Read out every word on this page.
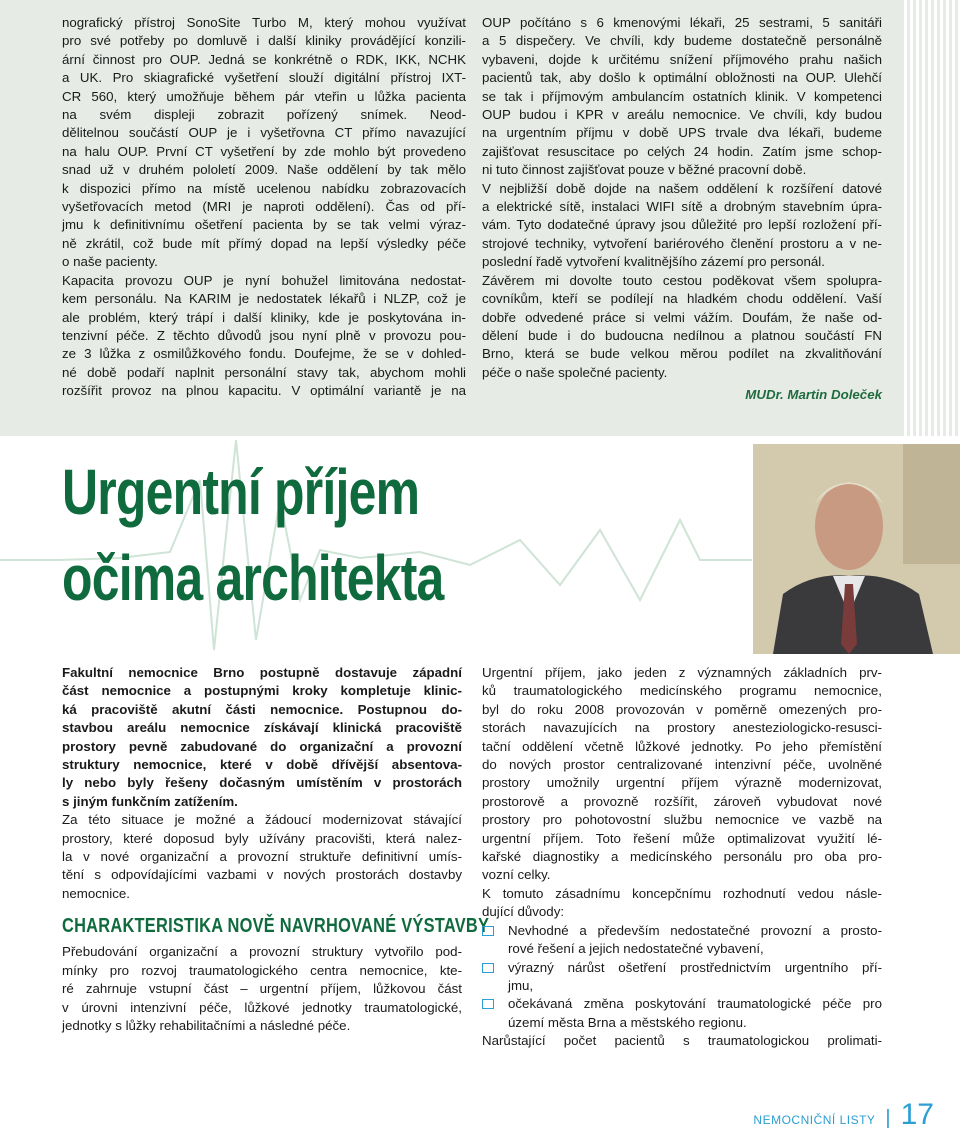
nografický přístroj SonoSite Turbo M, který mohou využívat

pro své potřeby po domluvě i další kliniky provádějící konzili-

ární činnost pro OUP. Jedná se konkrétně o RDK, IKK, NCHK

a UK. Pro skiagrafické vyšetření slouží digitální přístroj IXT-

CR 560, který umožňuje během pár vteřin u lůžka pacienta

na svém displeji zobrazit pořízený snímek. Neod-

dělitelnou součástí OUP je i vyšetřovna CT přímo navazující

na halu OUP. První CT vyšetření by zde mohlo být provedeno

snad už v druhém pololetí 2009. Naše oddělení by tak mělo

k dispozici přímo na místě ucelenou nabídku zobrazovacích

vyšetřovacích metod (MRI je naproti oddělení). Čas od pří-

jmu k definitivnímu ošetření pacienta by se tak velmi výraz-

ně zkrátil, což bude mít přímý dopad na lepší výsledky péče

o naše pacienty.

Kapacita provozu OUP je nyní bohužel limitována nedostat-

kem personálu. Na KARIM je nedostatek lékařů i NLZP, což je

ale problém, který trápí i další kliniky, kde je poskytována in-

tenzivní péče. Z těchto důvodů jsou nyní plně v provozu pou-

ze 3 lůžka z osmilůžkového fondu. Doufejme, že se v dohled-

né době podaří naplnit personální stavy tak, abychom mohli

rozšířit provoz na plnou kapacitu. V optimální variantě je na

OUP počítáno s 6 kmenovými lékaři, 25 sestrami, 5 sanitáři

a 5 dispečery. Ve chvíli, kdy budeme dostatečně personálně

vybaveni, dojde k určitému snížení příjmového prahu našich

pacientů tak, aby došlo k optimální obložnosti na OUP. Ulehčí

se tak i příjmovým ambulancím ostatních klinik. V kompetenci

OUP budou i KPR v areálu nemocnice. Ve chvíli, kdy budou

na urgentním příjmu v době UPS trvale dva lékaři, budeme

zajišťovat resuscitace po celých 24 hodin. Zatím jsme schop-

ni tuto činnost zajišťovat pouze v běžné pracovní době.

V nejbližší době dojde na našem oddělení k rozšíření datové

a elektrické sítě, instalaci WIFI sítě a drobným stavebním úpra-

vám. Tyto dodatečné úpravy jsou důležité pro lepší rozložení pří-

strojové techniky, vytvoření bariérového členění prostoru a v ne-

poslední řadě vytvoření kvalitnějšího zázemí pro personál.

Závěrem mi dovolte touto cestou poděkovat všem spolupra-

covníkům, kteří se podílejí na hladkém chodu oddělení. Vaší

dobře odvedené práce si velmi vážím. Doufám, že naše od-

dělení bude i do budoucna nedílnou a platnou součástí FN

Brno, která se bude velkou měrou podílet na zkvalitňování

péče o naše společné pacienty.

MUDr. Martin Doleček

Urgentní příjem
očima architekta

Fakultní nemocnice Brno postupně dostavuje západní

část nemocnice a postupnými kroky kompletuje klinic-

ká pracoviště akutní části nemocnice. Postupnou do-

stavbou areálu nemocnice získávají klinická pracoviště

prostory pevně zabudované do organizační a provozní

struktury nemocnice, které v době dřívější absentova-

ly nebo byly řešeny dočasným umístěním v prostorách

s jiným funkčním zatížením.

Za této situace je možné a žádoucí modernizovat stávající

prostory, které doposud byly užívány pracovišti, která nalez-

la v nové organizační a provozní struktuře definitivní umís-

tění s odpovídajícími vazbami v nových prostorách dostavby

nemocnice.

CHARAKTERISTIKA NOVĚ NAVRHOVANÉ VÝSTAVBY

Přebudování organizační a provozní struktury vytvořilo pod-

mínky pro rozvoj traumatologického centra nemocnice, kte-

ré zahrnuje vstupní část – urgentní příjem, lůžkovou část

v úrovni intenzivní péče, lůžkové jednotky traumatologické,

jednotky s lůžky rehabilitačními a následné péče.

Urgentní příjem, jako jeden z významných základních prv-

ků traumatologického medicínského programu nemocnice,

byl do roku 2008 provozován v poměrně omezených pro-

storách navazujících na prostory anesteziologicko-resusci-

tační oddělení včetně lůžkové jednotky. Po jeho přemístění

do nových prostor centralizované intenzivní péče, uvolněné

prostory umožnily urgentní příjem výrazně modernizovat,

prostorově a provozně rozšířit, zároveň vybudovat nové

prostory pro pohotovostní službu nemocnice ve vazbě na

urgentní příjem. Toto řešení může optimalizovat využití lé-

kařské diagnostiky a medicínského personálu pro oba pro-

vozní celky.

K tomuto zásadnímu koncepčnímu rozhodnutí vedou násle-

dující důvody:

Nevhodné a především nedostatečné provozní a prosto-

rové řešení a jejich nedostatečné vybavení,

výrazný nárůst ošetření prostřednictvím urgentního pří-

jmu,

očekávaná změna poskytování traumatologické péče pro

území města Brna a městského regionu.

Narůstající počet pacientů s traumatologickou prolimati-

NEMOCNIČNÍ LISTY | 17
